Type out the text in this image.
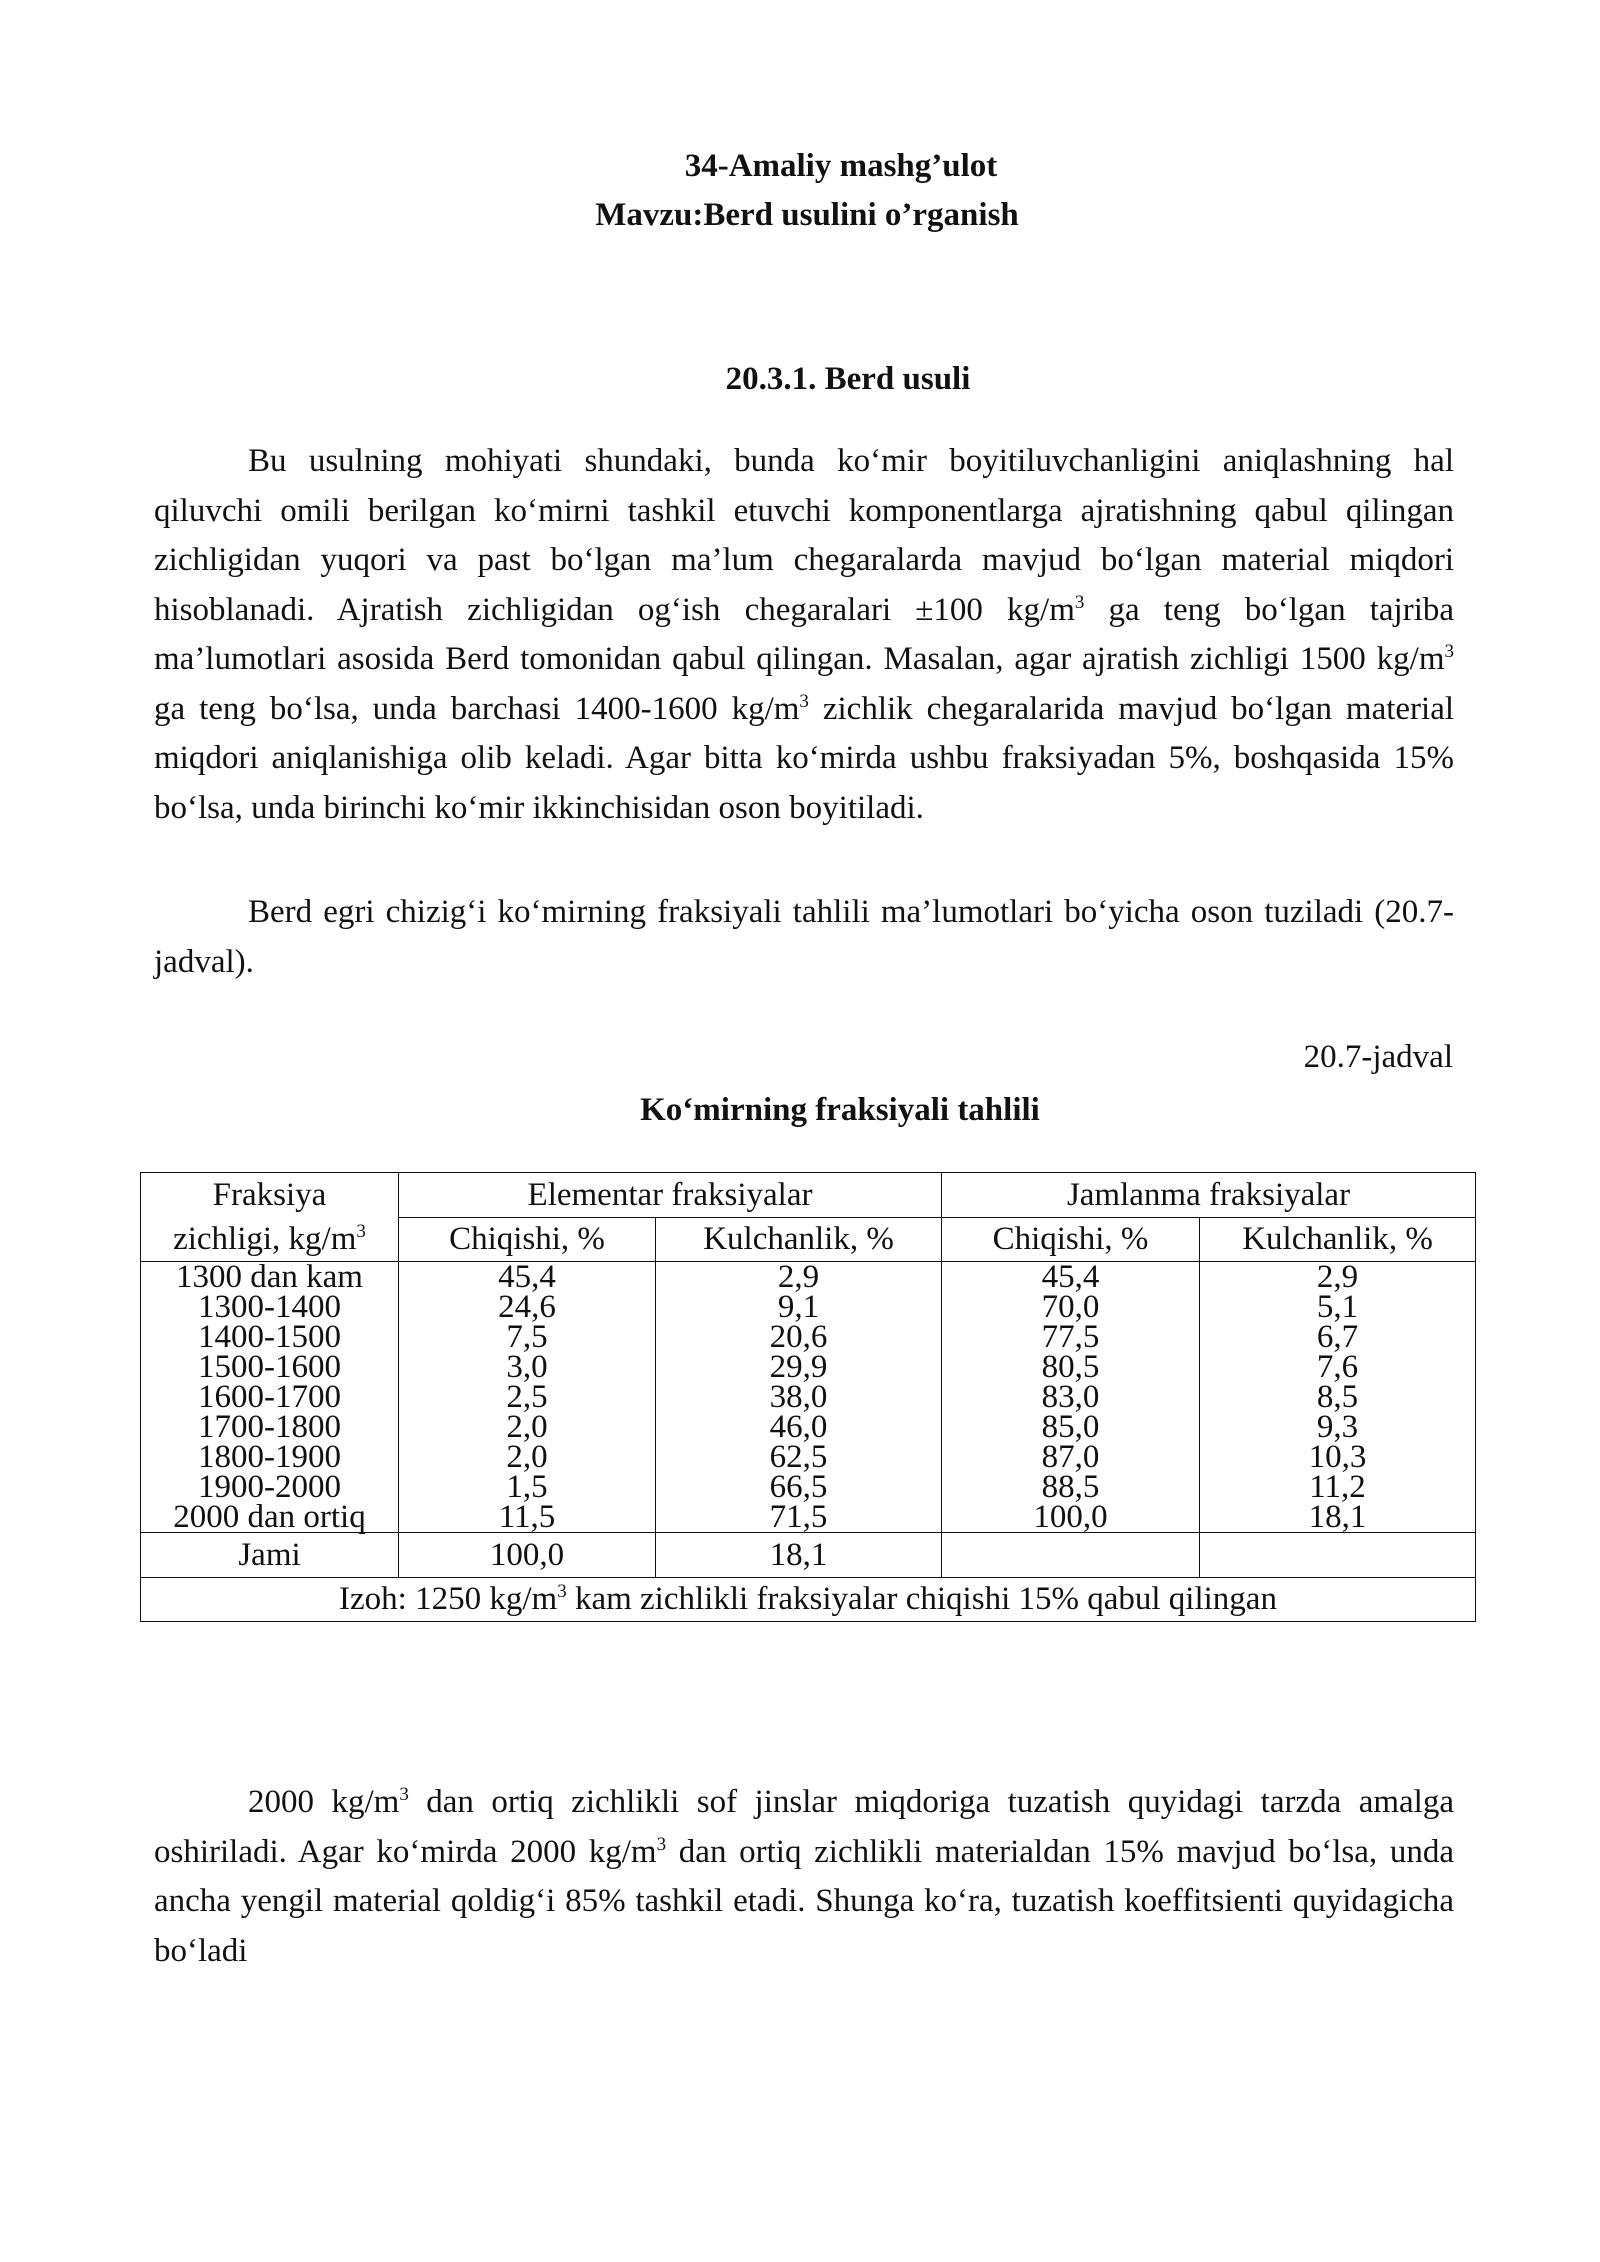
34-Amaliy mashg’ulot
Mavzu:Berd usulini o’rganish
20.3.1. Berd usuli
Bu usulning mohiyati shundaki, bunda ko‘mir boyitiluvchanligini aniqlashning hal qiluvchi omili berilgan ko‘mirni tashkil etuvchi komponentlarga ajratishning qabul qilingan zichligidan yuqori va past bo‘lgan ma’lum chegaralarda mavjud bo‘lgan material miqdori hisoblanadi. Ajratish zichligidan og‘ish chegaralari ±100 $kg/m^3$ ga teng bo‘lgan tajriba ma’lumotlari asosida Berd tomonidan qabul qilingan. Masalan, agar ajratish zichligi 1500 $kg/m^3$ ga teng bo‘lsa, unda barchasi 1400-1600 $kg/m^3$ zichlik chegaralarida mavjud bo‘lgan material miqdori aniqlanishiga olib keladi. Agar bitta ko‘mirda ushbu fraksiyadan 5%, boshqasida 15% bo‘lsa, unda birinchi ko‘mir ikkinchisidan oson boyitiladi.
Berd egri chizig‘i ko‘mirning fraksiyali tahlili ma’lumotlari bo‘yicha oson tuziladi (20.7-jadval).
20.7-jadval
Ko‘mirning fraksiyali tahlili
Fraksiya	Elementar fraksiyalar		Jamlanma fraksiyalar	
zichligi, $kg/m^3$	Chiqishi, %	Kulchanlik, %	Chiqishi, %	Kulchanlik, %
1300 dan kam	45,4	2,9	45,4	2,9
1300-1400	24,6	9,1	70,0	5,1
1400-1500	7,5	20,6	77,5	6,7
1500-1600	3,0	29,9	80,5	7,6
1600-1700	2,5	38,0	83,0	8,5
1700-1800	2,0	46,0	85,0	9,3
1800-1900	2,0	62,5	87,0	10,3
1900-2000	1,5	66,5	88,5	11,2
2000 dan ortiq	11,5	71,5	100,0	18,1
Jami	100,0	18,1		
Izoh: 1250 $kg/m^3$ kam zichlikli fraksiyalar chiqishi 15% qabul qilingan				
2000 $kg/m^3$ dan ortiq zichlikli sof jinslar miqdoriga tuzatish quyidagi tarzda amalga oshiriladi. Agar ko‘mirda 2000 $kg/m^3$ dan ortiq zichlikli materialdan 15% mavjud bo‘lsa, unda ancha yengil material qoldig‘i 85% tashkil etadi. Shunga ko‘ra, tuzatish koeffitsienti quyidagicha bo‘ladi
